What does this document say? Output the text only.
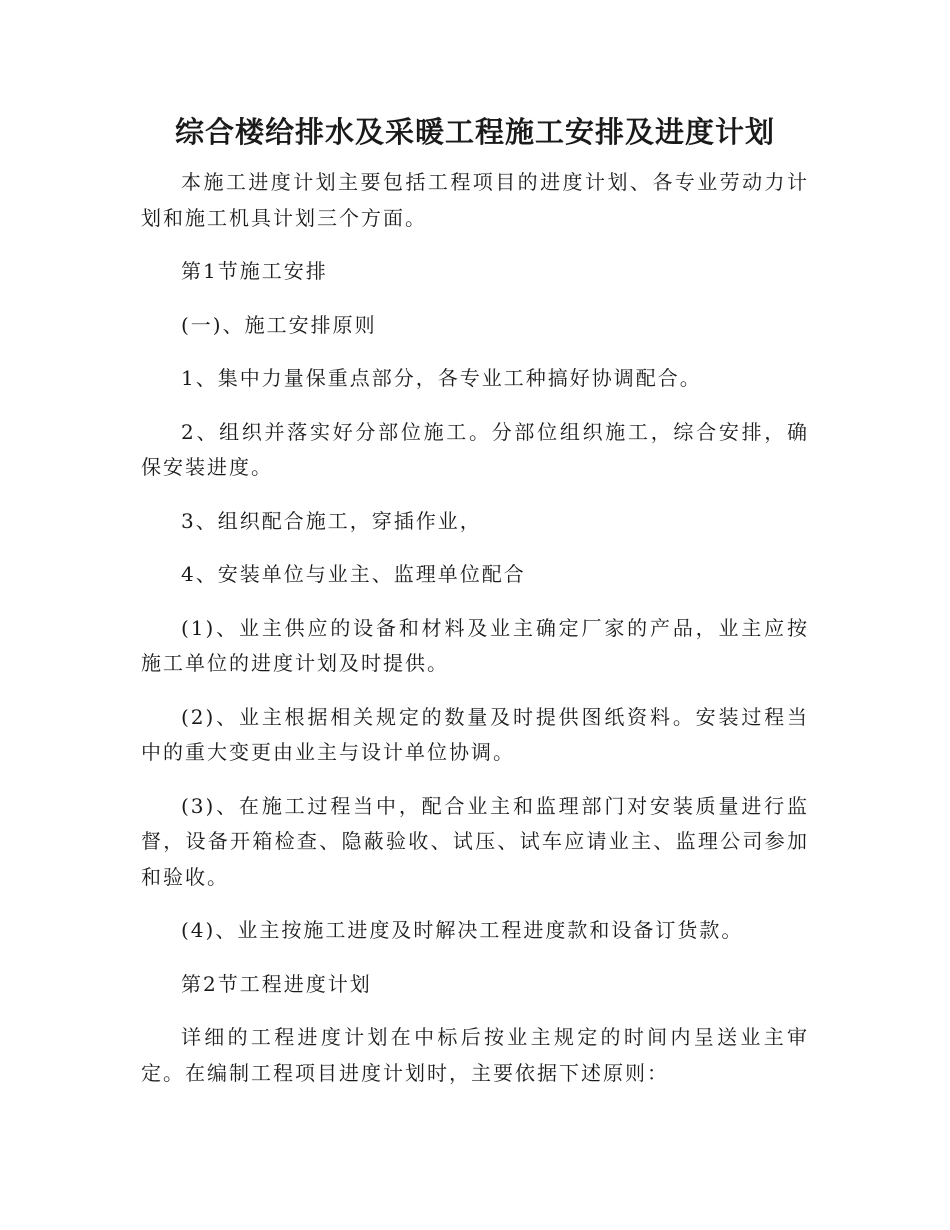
综合楼给排水及采暖工程施工安排及进度计划

本施工进度计划主要包括工程项目的进度计划、各专业劳动力计划和施工机具计划三个方面。

第1节施工安排

(一)、施工安排原则

1、集中力量保重点部分，各专业工种搞好协调配合。

2、组织并落实好分部位施工。分部位组织施工，综合安排，确保安装进度。

3、组织配合施工，穿插作业，

4、安装单位与业主、监理单位配合

(1)、业主供应的设备和材料及业主确定厂家的产品，业主应按施工单位的进度计划及时提供。

(2)、业主根据相关规定的数量及时提供图纸资料。安装过程当中的重大变更由业主与设计单位协调。

(3)、在施工过程当中，配合业主和监理部门对安装质量进行监督，设备开箱检查、隐蔽验收、试压、试车应请业主、监理公司参加和验收。

(4)、业主按施工进度及时解决工程进度款和设备订货款。

第2节工程进度计划

详细的工程进度计划在中标后按业主规定的时间内呈送业主审定。在编制工程项目进度计划时，主要依据下述原则：
